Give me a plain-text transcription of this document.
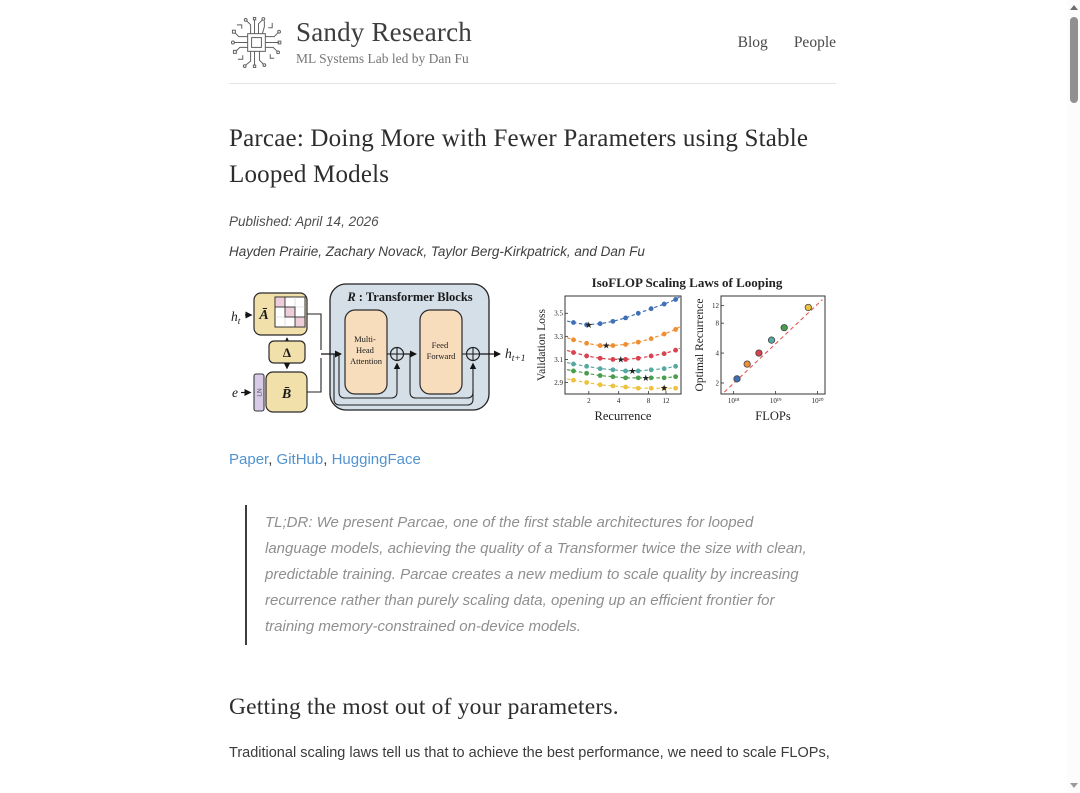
Sandy Research
ML Systems Lab led by Dan Fu
Blog People
Parcae: Doing More with Fewer Parameters using Stable Looped Models
Published: April 14, 2026
Hayden Prairie, Zachary Novack, Taylor Berg-Kirkpatrick, and Dan Fu
R : Transformer Blocks
$h_t$ Ā
Δ
e	LN B̄
Multi- Head Attention
Feed Forward	$h_{t+1}$
IsoFLOP Scaling Laws of Looping
2.9
3.1
3.3
3.5
2	4	8 12
★
★
★
★
★
★
Validation Loss
Recurrence
2
4
8
12
10¹⁸	10¹⁹	10²⁰
Optimal Recurrence
FLOPs

Paper, GitHub, HuggingFace

TL;DR: We present Parcae, one of the first stable architectures for looped language models, achieving the quality of a Transformer twice the size with clean, predictable training. Parcae creates a new medium to scale quality by increasing recurrence rather than purely scaling data, opening up an efficient frontier for training memory-constrained on-device models.
Getting the most out of your parameters.

Traditional scaling laws tell us that to achieve the best performance, we need to scale FLOPs,
